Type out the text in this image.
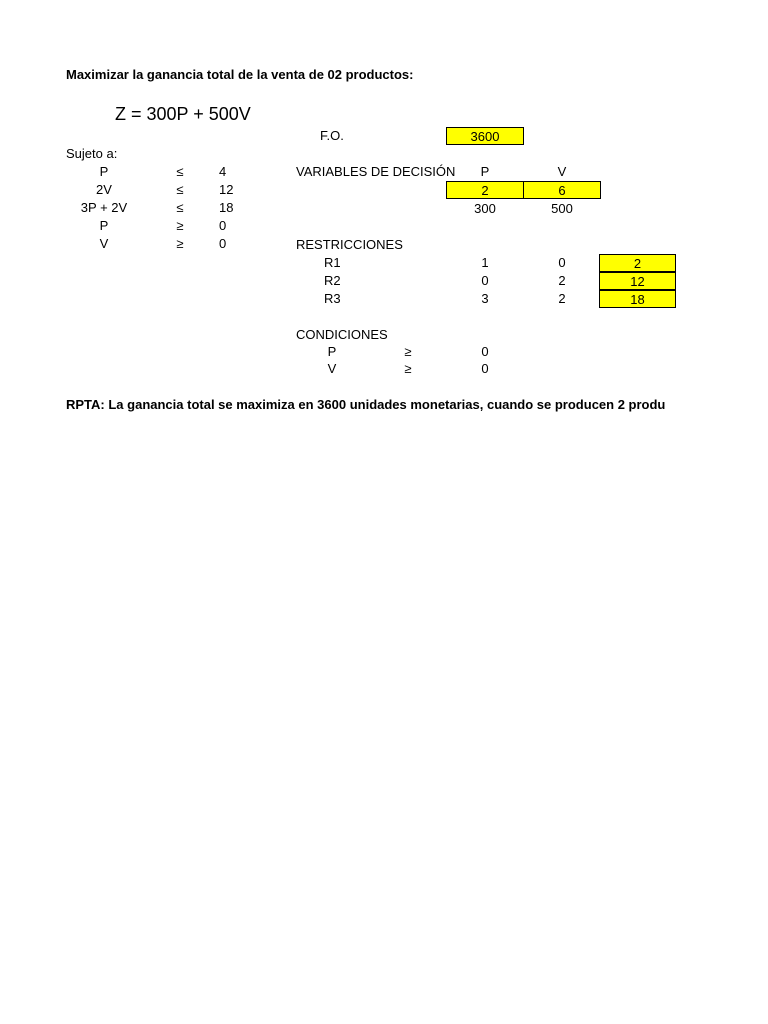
Maximizar la ganancia total de la venta de 02 productos:
Z = 300P + 500V
F.O.	3600
Sujeto a:
P	≤	4
2V	≤	12
3P + 2V	≤	18
P	≥	0
V	≥	0
VARIABLES DE DECISIÓN	P	V
2	6
300	500
RESTRICCIONES
R1	1	0	2
R2	0	2	12
R3	3	2	18
CONDICIONES
P	≥	0
V	≥	0
RPTA: La ganancia total se maximiza en 3600 unidades monetarias, cuando se producen 2 produ
